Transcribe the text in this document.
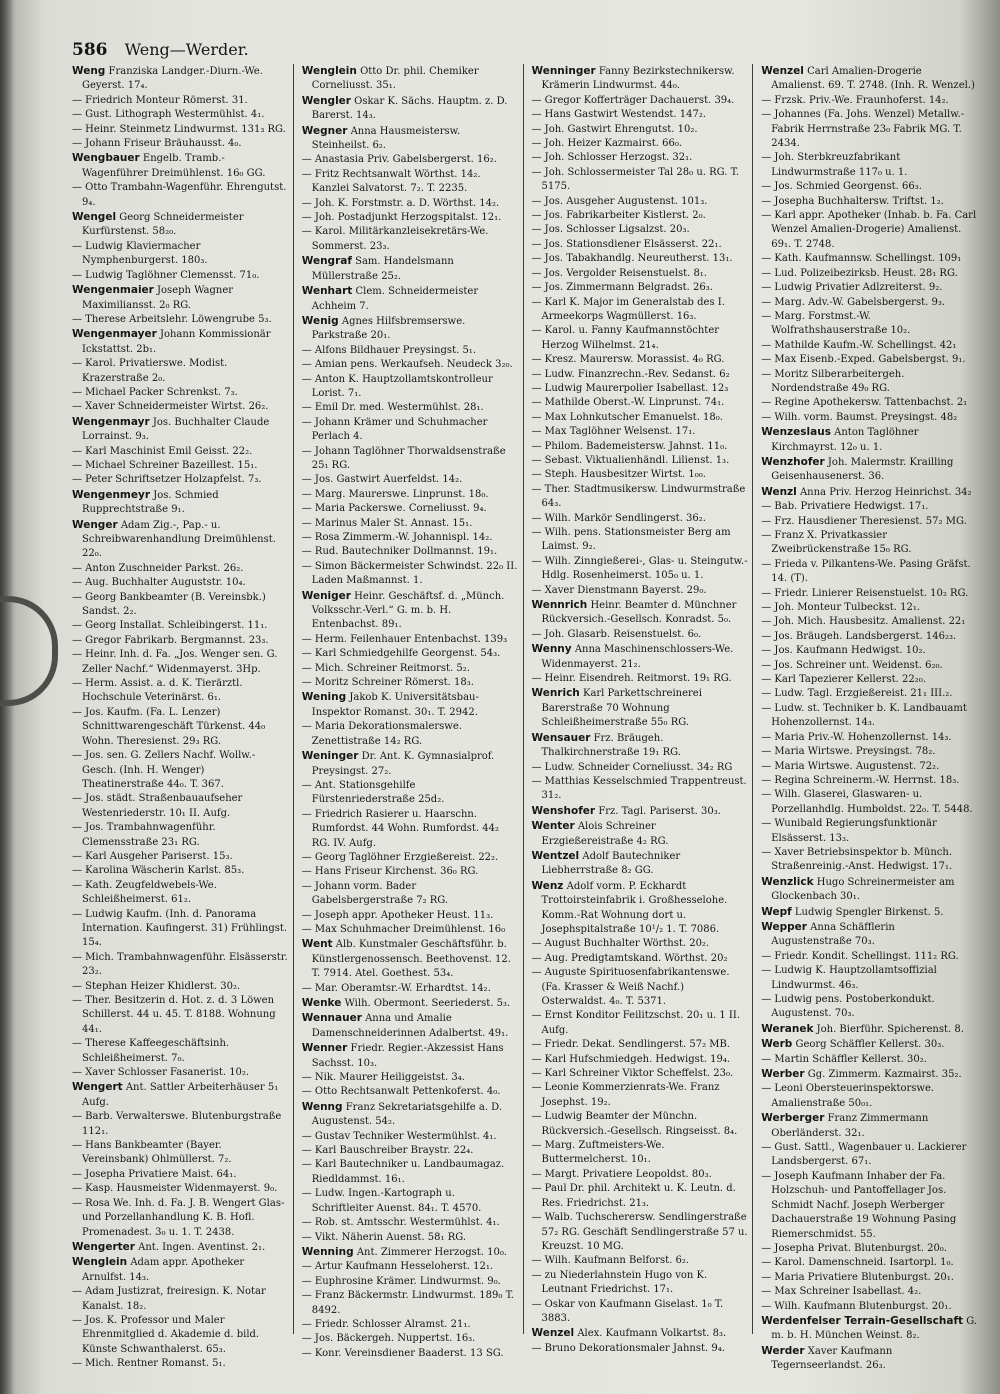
586 Weng—Werder.

Weng Franziska Landger.-Diurn.-We. Geyerst. 17₄.

— Friedrich Monteur Römerst. 31.

— Gust. Lithograph Westermühlst. 4₁.

— Heinr. Steinmetz Lindwurmst. 131₃ RG.

— Johann Friseur Bräuhausst. 4₀.

Wengbauer Engelb. Tramb.-Wagenführer Dreimühlenst. 16₀ GG.

— Otto Trambahn-Wagenführ. Ehrengutst. 9₄.

Wengel Georg Schneidermeister Kurfürstenst. 58₂₀.

— Ludwig Klaviermacher Nymphenburgerst. 180₃.

— Ludwig Taglöhner Clemensst. 71₀.

Wengenmaier Joseph Wagner Maximiliansst. 2₀ RG.

— Therese Arbeitslehr. Löwengrube 5₃.

Wengenmayer Johann Kommissionär Ickstattst. 2b₁.

— Karol. Privatierswe. Modist. Krazerstraße 2₀.

— Michael Packer Schrenkst. 7₃.

— Xaver Schneidermeister Wirtst. 26₂.

Wengenmayr Jos. Buchhalter Claude Lorrainst. 9₃.

— Karl Maschinist Emil Geisst. 22₂.

— Michael Schreiner Bazeillest. 15₁.

— Peter Schriftsetzer Holzapfelst. 7₃.

Wengenmeyr Jos. Schmied Rupprechtstraße 9₁.

Wenger Adam Zig.-, Pap.- u. Schreibwarenhandlung Dreimühlenst. 22₀.

— Anton Zuschneider Parkst. 26₂.

— Aug. Buchhalter Auguststr. 10₄.

— Georg Bankbeamter (B. Vereinsbk.) Sandst. 2₂.

— Georg Installat. Schleibingerst. 11₁.

— Gregor Fabrikarb. Bergmannst. 23₃.

— Heinr. Inh. d. Fa. „Jos. Wenger sen. G. Zeller Nachf.“ Widenmayerst. 3Hp.

— Herm. Assist. a. d. K. Tierärztl. Hochschule Veterinärst. 6₁.

— Jos. Kaufm. (Fa. L. Lenzer) Schnittwarengeschäft Türkenst. 44₀ Wohn. Theresienst. 29₃ RG.

— Jos. sen. G. Zellers Nachf. Wollw.-Gesch. (Inh. H. Wenger) Theatinerstraße 44₀. T. 367.

— Jos. städt. Straßenbauaufseher Westenriederstr. 10₁ II. Aufg.

— Jos. Trambahnwagenführ. Clemensstraße 23₁ RG.

— Karl Ausgeher Pariserst. 15₃.

— Karolina Wäscherin Karlst. 85₃.

— Kath. Zeugfeldwebels-We. Schleißheimerst. 61₂.

— Ludwig Kaufm. (Inh. d. Panorama Internation. Kaufingerst. 31) Frühlingst. 15₄.

— Mich. Trambahnwagenführ. Elsässerstr. 23₂.

— Stephan Heizer Khidlerst. 30₂.

— Ther. Besitzerin d. Hot. z. d. 3 Löwen Schillerst. 44 u. 45. T. 8188. Wohnung 44₁.

— Therese Kaffeegeschäftsinh. Schleißheimerst. 7₀.

— Xaver Schlosser Fasanerist. 10₂.

Wengert Ant. Sattler Arbeiterhäuser 5₁ Aufg.

— Barb. Verwalterswe. Blutenburgstraße 112₁.

— Hans Bankbeamter (Bayer. Vereinsbank) Ohlmüllerst. 7₂.

— Josepha Privatiere Maist. 64₁.

— Kasp. Hausmeister Widenmayerst. 9₀.

— Rosa We. Inh. d. Fa. J. B. Wengert Glas- und Porzellanhandlung K. B. Hofl. Promenadest. 3₀ u. 1. T. 2438.

Wengerter Ant. Ingen. Aventinst. 2₁.

Wenglein Adam appr. Apotheker Arnulfst. 14₃.

— Adam Justizrat, freiresign. K. Notar Kanalst. 18₂.

— Jos. K. Professor und Maler Ehrenmitglied d. Akademie d. bild. Künste Schwanthalerst. 65₃.

— Mich. Rentner Romanst. 5₁.

Wenglein Otto Dr. phil. Chemiker Corneliusst. 35₁.

Wengler Oskar K. Sächs. Hauptm. z. D. Barerst. 14₃.

Wegner Anna Hausmeistersw. Steinheilst. 6₂.

— Anastasia Priv. Gabelsbergerst. 16₂.

— Fritz Rechtsanwalt Wörthst. 14₂. Kanzlei Salvatorst. 7₂. T. 2235.

— Joh. K. Forstmstr. a. D. Wörthst. 14₂.

— Joh. Postadjunkt Herzogspitalst. 12₁.

— Karol. Militärkanzleisekretärs-We. Sommerst. 23₃.

Wengraf Sam. Handelsmann Müllerstraße 25₂.

Wenhart Clem. Schneidermeister Achheim 7.

Wenig Agnes Hilfsbremserswe. Parkstraße 20₁.

— Alfons Bildhauer Preysingst. 5₁.

— Amian pens. Werkaufseh. Neudeck 3₂₀.

— Anton K. Hauptzollamtskontrolleur Lorist. 7₁.

— Emil Dr. med. Westermühlst. 28₁.

— Johann Krämer und Schuhmacher Perlach 4.

— Johann Taglöhner Thorwaldsenstraße 25₁ RG.

— Jos. Gastwirt Auerfeldst. 14₂.

— Marg. Maurerswe. Linprunst. 18₀.

— Maria Packerswe. Corneliusst. 9₄.

— Marinus Maler St. Annast. 15₁.

— Rosa Zimmerm.-W. Johannispl. 14₂.

— Rud. Bautechniker Dollmannst. 19₁.

— Simon Bäckermeister Schwindst. 22₀ II. Laden Maßmannst. 1.

Weniger Heinr. Geschäftsf. d. „Münch. Volksschr.-Verl.“ G. m. b. H. Entenbachst. 89₁.

— Herm. Feilenhauer Entenbachst. 139₃

— Karl Schmiedgehilfe Georgenst. 54₃.

— Mich. Schreiner Reitmorst. 5₂.

— Moritz Schreiner Römerst. 18₃.

Wening Jakob K. Universitätsbau-Inspektor Romanst. 30₁. T. 2942.

— Maria Dekorationsmalerswe. Zenettistraße 14₂ RG.

Weninger Dr. Ant. K. Gymnasialprof. Preysingst. 27₂.

— Ant. Stationsgehilfe Fürstenriederstraße 25d₂.

— Friedrich Rasierer u. Haarschn. Rumfordst. 44 Wohn. Rumfordst. 44₂ RG. IV. Aufg.

— Georg Taglöhner Erzgießereist. 22₂.

— Hans Friseur Kirchenst. 36₀ RG.

— Johann vorm. Bader Gabelsbergerstraße 7₂ RG.

— Joseph appr. Apotheker Heust. 11₃.

— Max Schuhmacher Dreimühlenst. 16₀

Went Alb. Kunstmaler Geschäftsführ. b. Künstlergenossensch. Beethovenst. 12. T. 7914. Atel. Goethest. 53₄.

— Mar. Oberamtsr.-W. Erhardtst. 14₂.

Wenke Wilh. Obermont. Seeriederst. 5₃.

Wennauer Anna und Amalie Damenschneiderinnen Adalbertst. 49₁.

Wenner Friedr. Regier.-Akzessist Hans Sachsst. 10₃.

— Nik. Maurer Heiliggeistst. 3₄.

— Otto Rechtsanwalt Pettenkoferst. 4₀.

Wenng Franz Sekretariatsgehilfe a. D. Augustenst. 54₂.

— Gustav Techniker Westermühlst. 4₁.

— Karl Bauschreiber Braystr. 22₄.

— Karl Bautechniker u. Landbaumagaz. Riedldammst. 16₁.

— Ludw. Ingen.-Kartograph u. Schriftleiter Auenst. 84₁. T. 4570.

— Rob. st. Amtsschr. Westermühlst. 4₁.

— Vikt. Näherin Auenst. 58₁ RG.

Wenning Ant. Zimmerer Herzogst. 10₀.

— Artur Kaufmann Hesseloherst. 12₁.

— Euphrosine Krämer. Lindwurmst. 9₀.

— Franz Bäckermstr. Lindwurmst. 189₀ T. 8492.

— Friedr. Schlosser Alramst. 21₁.

— Jos. Bäckergeh. Nuppertst. 16₃.

— Konr. Vereinsdiener Baaderst. 13 SG.

Wenninger Fanny Bezirkstechnikersw. Krämerin Lindwurmst. 44₀.

— Gregor Kofferträger Dachauerst. 39₄.

— Hans Gastwirt Westendst. 147₂.

— Joh. Gastwirt Ehrengutst. 10₂.

— Joh. Heizer Kazmairst. 66₀.

— Joh. Schlosser Herzogst. 32₁.

— Joh. Schlossermeister Tal 28₀ u. RG. T. 5175.

— Jos. Ausgeher Augustenst. 101₃.

— Jos. Fabrikarbeiter Kistlerst. 2₀.

— Jos. Schlosser Ligsalzst. 20₃.

— Jos. Stationsdiener Elsässerst. 22₁.

— Jos. Tabakhandlg. Neureutherst. 13₁.

— Jos. Vergolder Reisenstuelst. 8₁.

— Jos. Zimmermann Belgradst. 26₃.

— Karl K. Major im Generalstab des I. Armeekorps Wagmüllerst. 16₃.

— Karol. u. Fanny Kaufmannstöchter Herzog Wilhelmst. 21₄.

— Kresz. Maurersw. Morassist. 4₀ RG.

— Ludw. Finanzrechn.-Rev. Sedanst. 6₂

— Ludwig Maurerpolier Isabellast. 12₃

— Mathilde Oberst.-W. Linprunst. 74₁.

— Max Lohnkutscher Emanuelst. 18₀.

— Max Taglöhner Welsenst. 17₁.

— Philom. Bademeistersw. Jahnst. 11₀.

— Sebast. Viktualienhändl. Lilienst. 1₃.

— Steph. Hausbesitzer Wirtst. 1₀₀.

— Ther. Stadtmusikersw. Lindwurmstraße 64₃.

— Wilh. Markör Sendlingerst. 36₂.

— Wilh. pens. Stationsmeister Berg am Laimst. 9₂.

— Wilh. Zinngießerei-, Glas- u. Steingutw.-Hdlg. Rosenheimerst. 105₀ u. 1.

— Xaver Dienstmann Bayerst. 29₀.

Wennrich Heinr. Beamter d. Münchner Rückversich.-Gesellsch. Konradst. 5₀.

— Joh. Glasarb. Reisenstuelst. 6₀.

Wenny Anna Maschinenschlossers-We. Widenmayerst. 21₂.

— Heinr. Eisendreh. Reitmorst. 19₁ RG.

Wenrich Karl Parkettschreinerei Barerstraße 70 Wohnung Schleißheimerstraße 55₀ RG.

Wensauer Frz. Bräugeh. Thalkirchnerstraße 19₁ RG.

— Ludw. Schneider Corneliusst. 34₂ RG

— Matthias Kesselschmied Trappentreust. 31₂.

Wenshofer Frz. Tagl. Pariserst. 30₃.

Wenter Alois Schreiner Erzgießereistraße 4₂ RG.

Wentzel Adolf Bautechniker Liebherrstraße 8₂ GG.

Wenz Adolf vorm. P. Eckhardt Trottoirsteinfabrik i. Großhesselohe. Komm.-Rat Wohnung dort u. Josephspitalstraße 10¹/₂ 1. T. 7086.

— August Buchhalter Wörthst. 20₂.

— Aug. Predigtamtskand. Wörthst. 20₂

— Auguste Spirituosenfabrikantenswe. (Fa. Krasser & Weiß Nachf.) Osterwaldst. 4₀. T. 5371.

— Ernst Konditor Feilitzschst. 20₁ u. 1 II. Aufg.

— Friedr. Dekat. Sendlingerst. 57₂ MB.

— Karl Hufschmiedgeh. Hedwigst. 19₄.

— Karl Schreiner Viktor Scheffelst. 23₀.

— Leonie Kommerzienrats-We. Franz Josephst. 19₂.

— Ludwig Beamter der Münchn. Rückversich.-Gesellsch. Ringseisst. 8₄.

— Marg. Zuftmeisters-We. Buttermelcherst. 10₁.

— Margt. Privatiere Leopoldst. 80₃.

— Paul Dr. phil. Architekt u. K. Leutn. d. Res. Friedrichst. 21₃.

— Walb. Tuchscherersw. Sendlingerstraße 57₂ RG. Geschäft Sendlingerstraße 57 u. Kreuzst. 10 MG.

— Wilh. Kaufmann Belforst. 6₂.

— zu Niederlahnstein Hugo von K. Leutnant Friedrichst. 17₁.

— Oskar von Kaufmann Giselast. 1₀ T. 3883.

Wenzel Alex. Kaufmann Volkartst. 8₃.

— Bruno Dekorationsmaler Jahnst. 9₄.

Wenzel Carl Amalien-Drogerie Amalienst. 69. T. 2748. (Inh. R. Wenzel.)

— Frzsk. Priv.-We. Fraunhoferst. 14₂.

— Johannes (Fa. Johs. Wenzel) Metallw.-Fabrik Herrnstraße 23₀ Fabrik MG. T. 2434.

— Joh. Sterbkreuzfabrikant Lindwurmstraße 117₀ u. 1.

— Jos. Schmied Georgenst. 66₃.

— Josepha Buchhaltersw. Triftst. 1₂.

— Karl appr. Apotheker (Inhab. b. Fa. Carl Wenzel Amalien-Drogerie) Amalienst. 69₁. T. 2748.

— Kath. Kaufmannsw. Schellingst. 109₁

— Lud. Polizeibezirksb. Heust. 28₁ RG.

— Ludwig Privatier Adlzreiterst. 9₂.

— Marg. Adv.-W. Gabelsbergerst. 9₃.

— Marg. Forstmst.-W. Wolfrathshauserstraße 10₂.

— Mathilde Kaufm.-W. Schellingst. 42₁

— Max Eisenb.-Exped. Gabelsbergst. 9₁.

— Moritz Silberarbeitergeh. Nordendstraße 49₀ RG.

— Regine Apothekersw. Tattenbachst. 2₁

— Wilh. vorm. Baumst. Preysingst. 48₂

Wenzeslaus Anton Taglöhner Kirchmayrst. 12₀ u. 1.

Wenzhofer Joh. Malermstr. Krailling Geisenhausenerst. 36.

Wenzl Anna Priv. Herzog Heinrichst. 34₂

— Bab. Privatiere Hedwigst. 17₁.

— Frz. Hausdiener Theresienst. 57₂ MG.

— Franz X. Privatkassier Zweibrückenstraße 15₀ RG.

— Frieda v. Pilkantens-We. Pasing Gräfst. 14. (T).

— Friedr. Linierer Reisenstuelst. 10₂ RG.

— Joh. Monteur Tulbeckst. 12₁.

— Joh. Mich. Hausbesitz. Amalienst. 22₁

— Jos. Bräugeh. Landsbergerst. 146₂₃.

— Jos. Kaufmann Hedwigst. 10₂.

— Jos. Schreiner unt. Weidenst. 6₂₀.

— Karl Tapezierer Kellerst. 22₂₀.

— Ludw. Tagl. Erzgießereist. 21₁ III.₂.

— Ludw. st. Techniker b. K. Landbauamt Hohenzollernst. 14₃.

— Maria Priv.-W. Hohenzollernst. 14₃.

— Maria Wirtswe. Preysingst. 78₂.

— Maria Wirtswe. Augustenst. 72₂.

— Regina Schreinerm.-W. Herrnst. 18₃.

— Wilh. Glaserei, Glaswaren- u. Porzellanhdlg. Humboldst. 22₀. T. 5448.

— Wunibald Regierungsfunktionär Elsässerst. 13₃.

— Xaver Betriebsinspektor b. Münch. Straßenreinig.-Anst. Hedwigst. 17₁.

Wenzlick Hugo Schreinermeister am Glockenbach 30₁.

Wepf Ludwig Spengler Birkenst. 5.

Wepper Anna Schäfflerin Augustenstraße 70₃.

— Friedr. Kondit. Schellingst. 111₂ RG.

— Ludwig K. Hauptzollamtsoffizial Lindwurmst. 46₃.

— Ludwig pens. Postoberkondukt. Augustenst. 70₃.

Weranek Joh. Bierführ. Spicherenst. 8.

Werb Georg Schäffler Kellerst. 30₃.

— Martin Schäffler Kellerst. 30₂.

Werber Gg. Zimmerm. Kazmairst. 35₂.

— Leoni Obersteuerinspektorswe. Amalienstraße 50₀₁.

Werberger Franz Zimmermann Oberländerst. 32₁.

— Gust. Sattl., Wagenbauer u. Lackierer Landsbergerst. 67₁.

— Joseph Kaufmann Inhaber der Fa. Holzschuh- und Pantoffellager Jos. Schmidt Nachf. Joseph Werberger Dachauerstraße 19 Wohnung Pasing Riemerschmidst. 55.

— Josepha Privat. Blutenburgst. 20₀.

— Karol. Damenschneid. Isartorpl. 1₀.

— Maria Privatiere Blutenburgst. 20₁.

— Max Schreiner Isabellast. 4₂.

— Wilh. Kaufmann Blutenburgst. 20₁.

Werdenfelser Terrain-Gesellschaft G. m. b. H. München Weinst. 8₂.

Werder Xaver Kaufmann Tegernseerlandst. 26₃.
